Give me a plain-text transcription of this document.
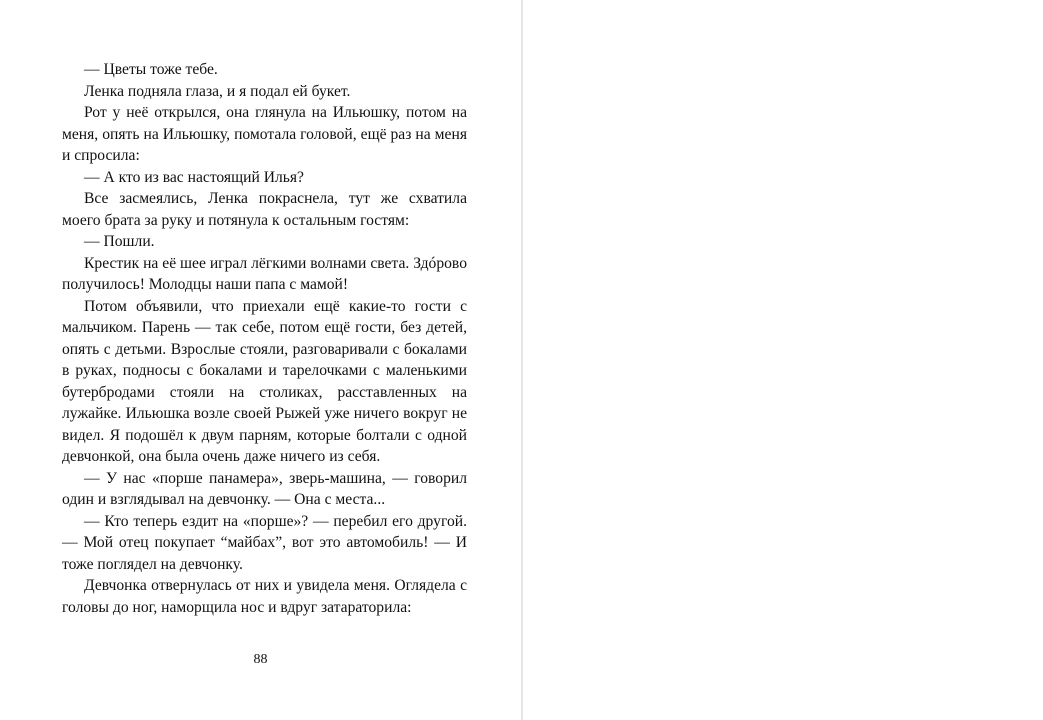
— Цветы тоже тебе.

Ленка подняла глаза, и я подал ей букет.

Рот у неё открылся, она глянула на Ильюшку, потом на меня, опять на Ильюшку, помотала головой, ещё раз на меня и спросила:

— А кто из вас настоящий Илья?

Все засмеялись, Ленка покраснела, тут же схватила моего брата за руку и потянула к остальным гостям:

— Пошли.

Крестик на её шее играл лёгкими волнами света. Здóрово получилось! Молодцы наши папа с мамой!

Потом объявили, что приехали ещё какие-то гости с мальчиком. Парень — так себе, потом ещё гости, без детей, опять с детьми. Взрослые стояли, разговаривали с бокалами в руках, подносы с бокалами и тарелочками с маленькими бутербродами стояли на столиках, расставленных на лужайке. Ильюшка возле своей Рыжей уже ничего вокруг не видел. Я подошёл к двум парням, которые болтали с одной девчонкой, она была очень даже ничего из себя.

— У нас «порше панамера», зверь-машина, — говорил один и взглядывал на девчонку. — Она с места...

— Кто теперь ездит на «порше»? — перебил его другой. — Мой отец покупает “майбах”, вот это автомобиль! — И тоже поглядел на девчонку.

Девчонка отвернулась от них и увидела меня. Оглядела с головы до ног, наморщила нос и вдруг затараторила:

88
